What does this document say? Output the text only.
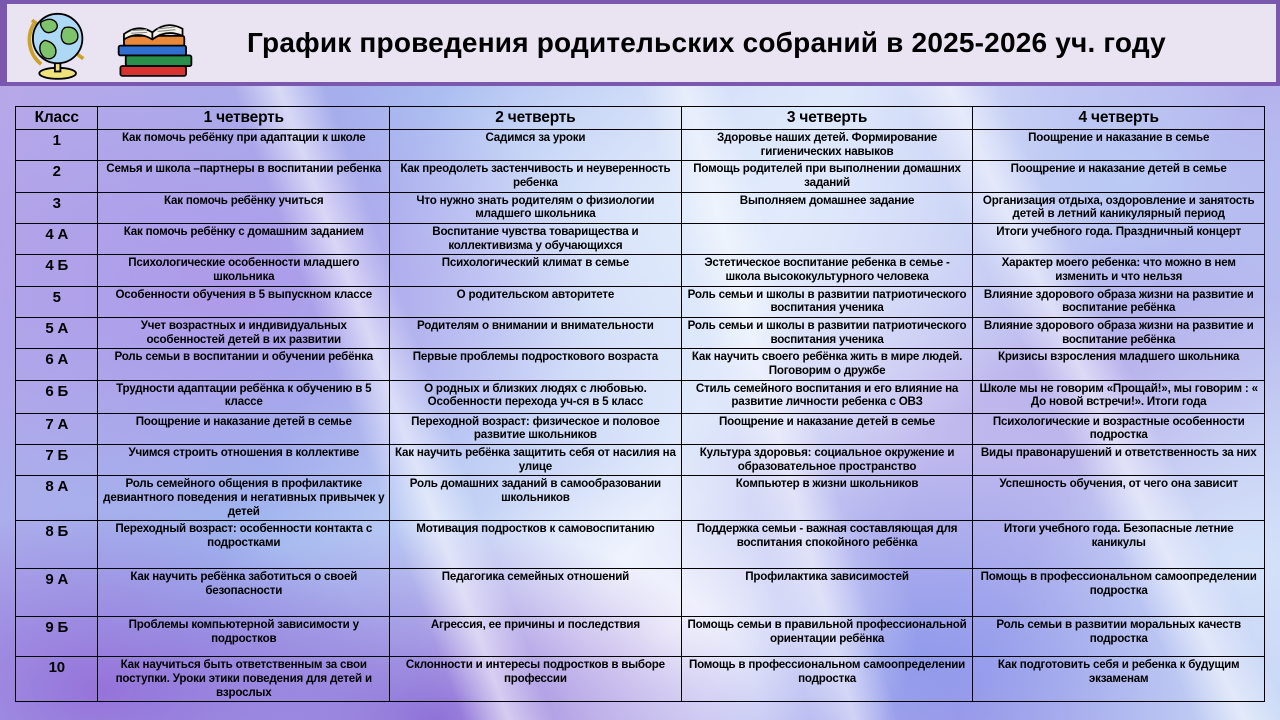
График проведения родительских собраний в 2025-2026 уч. году
Класс	1 четверть	2 четверть	3 четверть	4 четверть
1	Как помочь ребёнку при адаптации к школе	Садимся за уроки	Здоровье наших детей. Формирование гигиенических навыков	Поощрение и наказание в семье
2	Семья и школа –партнеры в воспитании ребенка	Как преодолеть застенчивость и неуверенность ребенка	Помощь родителей при выполнении домашних заданий	Поощрение и наказание детей в семье
3	Как помочь ребёнку учиться	Что нужно знать родителям о физиологии младшего школьника	Выполняем домашнее задание	Организация отдыха, оздоровление и занятость детей в летний каникулярный период
4 А	Как помочь ребёнку с домашним заданием	Воспитание чувства товарищества и коллективизма у обучающихся		Итоги учебного года. Праздничный концерт
4 Б	Психологические особенности младшего школьника	Психологический климат в семье	Эстетическое воспитание ребенка в семье - школа высококультурного человека	Характер моего ребенка: что можно в нем изменить и что нельзя
5	Особенности обучения в 5 выпускном классе	О родительском авторитете	Роль семьи и школы в развитии патриотического воспитания ученика	Влияние здорового образа жизни на развитие и воспитание ребёнка
5 А	Учет возрастных и индивидуальных особенностей детей в их развитии	Родителям о внимании и внимательности	Роль семьи и школы в развитии патриотического воспитания ученика	Влияние здорового образа жизни на развитие и воспитание ребёнка
6 А	Роль семьи в воспитании и обучении ребёнка	Первые проблемы подросткового возраста	Как научить своего ребёнка жить в мире людей. Поговорим о дружбе	Кризисы взросления младшего школьника
6 Б	Трудности адаптации ребёнка к обучению в 5 классе	О родных и близких людях с любовью. Особенности перехода уч-ся в 5 класс	Стиль семейного воспитания и его влияние на развитие личности ребенка с ОВЗ	Школе мы не говорим «Прощай!», мы говорим : « До новой встречи!». Итоги года
7 А	Поощрение и наказание детей в семье	Переходной возраст: физическое и половое развитие школьников	Поощрение и наказание детей в семье	Психологические и возрастные особенности подростка
7 Б	Учимся строить отношения в коллективе	Как научить ребёнка защитить себя от насилия на улице	Культура здоровья: социальное окружение и образовательное пространство	Виды правонарушений и ответственность за них
8 А	Роль семейного общения в профилактике девиантного поведения и негативных привычек у детей	Роль домашних заданий в самообразовании школьников	Компьютер в жизни школьников	Успешность обучения, от чего она зависит
8 Б	Переходный возраст: особенности контакта с подростками	Мотивация подростков к самовоспитанию	Поддержка семьи - важная составляющая для воспитания спокойного ребёнка	Итоги учебного года. Безопасные летние каникулы
9 А	Как научить ребёнка заботиться о своей безопасности	Педагогика семейных отношений	Профилактика зависимостей	Помощь в профессиональном самоопределении подростка
9 Б	Проблемы компьютерной зависимости у подростков	Агрессия, ее причины и последствия	Помощь семьи в правильной профессиональной ориентации ребёнка	Роль семьи в развитии моральных качеств подростка
10	Как научиться быть ответственным за свои поступки. Уроки этики поведения для детей и взрослых	Склонности и интересы подростков в выборе профессии	Помощь в профессиональном самоопределении подростка	Как подготовить себя и ребенка к будущим экзаменам
